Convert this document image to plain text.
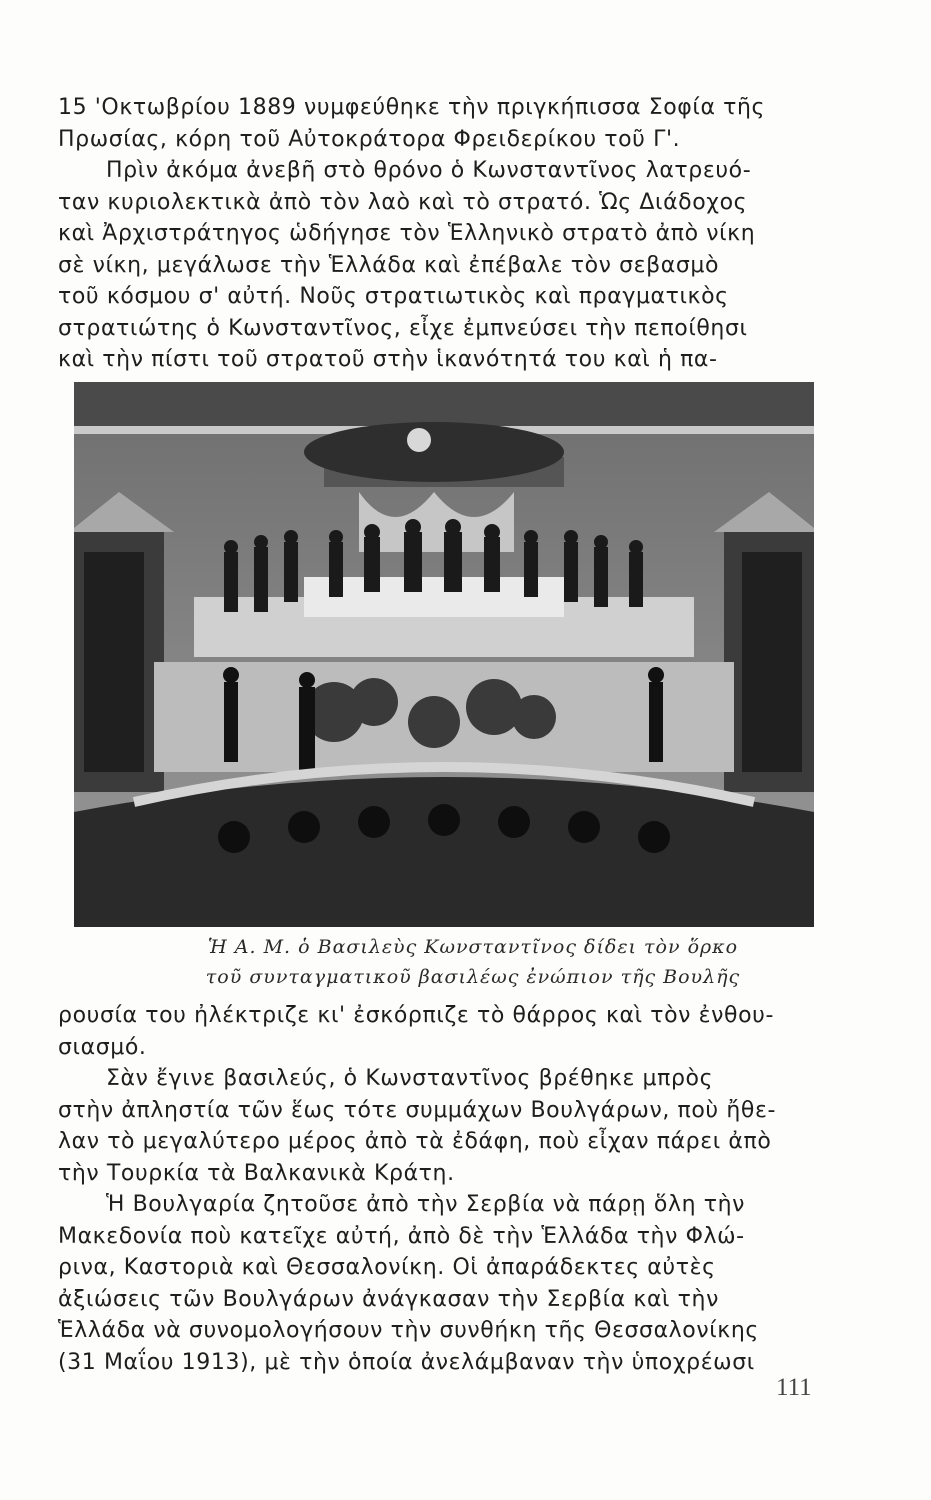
15 'Οκτωβρίου 1889 νυμφεύθηκε τὴν πριγκήπισσα Σοφία τῆς
Πρωσίας, κόρη τοῦ Αὐτοκράτορα Φρειδερίκου τοῦ Γ'.
Πρὶν ἀκόμα ἀνεβῆ στὸ θρόνο ὁ Κωνσταντῖνος λατρευό-
ταν κυριολεκτικὰ ἀπὸ τὸν λαὸ καὶ τὸ στρατό. Ὡς Διάδοχος
καὶ Ἀρχιστράτηγος ὡδήγησε τὸν Ἑλληνικὸ στρατὸ ἀπὸ νίκη
σὲ νίκη, μεγάλωσε τὴν Ἑλλάδα καὶ ἐπέβαλε τὸν σεβασμὸ
τοῦ κόσμου σ' αὐτή. Νοῦς στρατιωτικὸς καὶ πραγματικὸς
στρατιώτης ὁ Κωνσταντῖνος, εἶχε ἐμπνεύσει τὴν πεποίθησι
καὶ τὴν πίστι τοῦ στρατοῦ στὴν ἱκανότητά του καὶ ἡ πα-
Ἡ Α. Μ. ὁ Βασιλεὺς Κωνσταντῖνος δίδει τὸν ὅρκο
τοῦ συνταγματικοῦ βασιλέως ἐνώπιον τῆς Βουλῆς
ρουσία του ἠλέκτριζε κι' ἐσκόρπιζε τὸ θάρρος καὶ τὸν ἐνθου-
σιασμό.
Σὰν ἔγινε βασιλεύς, ὁ Κωνσταντῖνος βρέθηκε μπρὸς
στὴν ἀπληστία τῶν ἕως τότε συμμάχων Βουλγάρων, ποὺ ἤθε-
λαν τὸ μεγαλύτερο μέρος ἀπὸ τὰ ἐδάφη, ποὺ εἶχαν πάρει ἀπὸ
τὴν Τουρκία τὰ Βαλκανικὰ Κράτη.
Ἡ Βουλγαρία ζητοῦσε ἀπὸ τὴν Σερβία νὰ πάρῃ ὅλη τὴν
Μακεδονία ποὺ κατεῖχε αὐτή, ἀπὸ δὲ τὴν Ἑλλάδα τὴν Φλώ-
ρινα, Καστοριὰ καὶ Θεσσαλονίκη. Οἱ ἀπαράδεκτες αὐτὲς
ἀξιώσεις τῶν Βουλγάρων ἀνάγκασαν τὴν Σερβία καὶ τὴν
Ἑλλάδα νὰ συνομολογήσουν τὴν συνθήκη τῆς Θεσσαλονίκης
(31 Μαΐου 1913), μὲ τὴν ὁποία ἀνελάμβαναν τὴν ὑποχρέωσι
111
